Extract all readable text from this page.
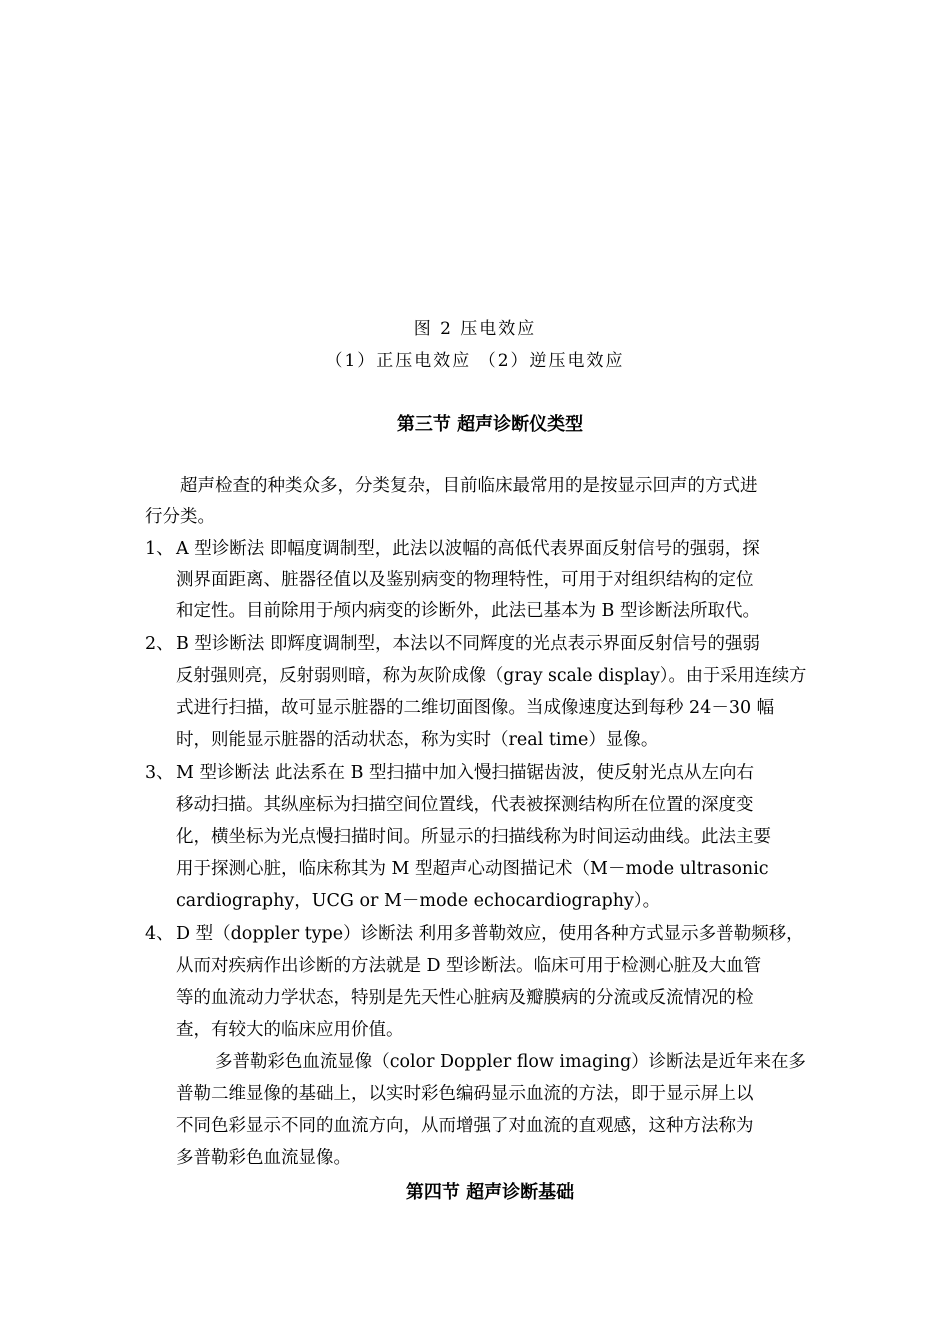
图 2 压电效应
（1）正压电效应 （2）逆压电效应
第三节 超声诊断仪类型
超声检查的种类众多，分类复杂，目前临床最常用的是按显示回声的方式进
行分类。
1、 A 型诊断法 即幅度调制型，此法以波幅的高低代表界面反射信号的强弱，探
测界面距离、脏器径值以及鉴别病变的物理特性，可用于对组织结构的定位
和定性。目前除用于颅内病变的诊断外，此法已基本为 B 型诊断法所取代。
2、 B 型诊断法 即辉度调制型，本法以不同辉度的光点表示界面反射信号的强弱
反射强则亮，反射弱则暗，称为灰阶成像（gray scale display）。由于采用连续方
式进行扫描，故可显示脏器的二维切面图像。当成像速度达到每秒 24－30 幅
时，则能显示脏器的活动状态，称为实时（real time）显像。
3、 M 型诊断法 此法系在 B 型扫描中加入慢扫描锯齿波，使反射光点从左向右
移动扫描。其纵座标为扫描空间位置线，代表被探测结构所在位置的深度变
化，横坐标为光点慢扫描时间。所显示的扫描线称为时间运动曲线。此法主要
用于探测心脏，临床称其为 M 型超声心动图描记术（M－mode ultrasonic
cardiography，UCG or M－mode echocardiography）。
4、 D 型（doppler type）诊断法 利用多普勒效应，使用各种方式显示多普勒频移，
从而对疾病作出诊断的方法就是 D 型诊断法。临床可用于检测心脏及大血管
等的血流动力学状态，特别是先天性心脏病及瓣膜病的分流或反流情况的检
查，有较大的临床应用价值。
多普勒彩色血流显像（color Doppler flow imaging）诊断法是近年来在多
普勒二维显像的基础上，以实时彩色编码显示血流的方法，即于显示屏上以
不同色彩显示不同的血流方向，从而增强了对血流的直观感，这种方法称为
多普勒彩色血流显像。
第四节 超声诊断基础
